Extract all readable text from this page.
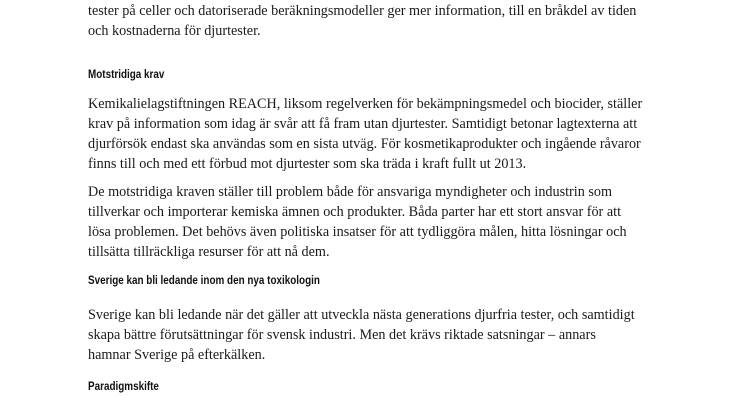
tester på celler och datoriserade beräkningsmodeller ger mer information, till en bråkdel av tiden
och kostnaderna för djurtester.

Motstridiga krav

Kemikalielagstiftningen REACH, liksom regelverken för bekämpningsmedel och biocider, ställer
krav på information som idag är svår att få fram utan djurtester. Samtidigt betonar lagtexterna att
djurförsök endast ska användas som en sista utväg. För kosmetikaprodukter och ingående råvaror
finns till och med ett förbud mot djurtester som ska träda i kraft fullt ut 2013.

De motstridiga kraven ställer till problem både för ansvariga myndigheter och industrin som
tillverkar och importerar kemiska ämnen och produkter. Båda parter har ett stort ansvar för att
lösa problemen. Det behövs även politiska insatser för att tydliggöra målen, hitta lösningar och
tillsätta tillräckliga resurser för att nå dem.

Sverige kan bli ledande inom den nya toxikologin

Sverige kan bli ledande när det gäller att utveckla nästa generations djurfria tester, och samtidigt
skapa bättre förutsättningar för svensk industri. Men det krävs riktade satsningar – annars
hamnar Sverige på efterkälken.

Paradigmskifte
